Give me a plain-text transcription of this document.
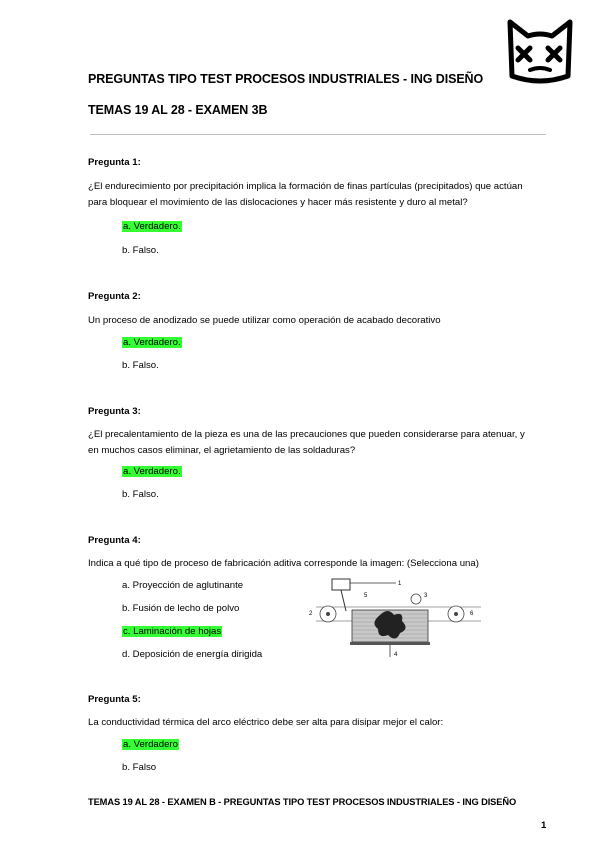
PREGUNTAS TIPO TEST PROCESOS INDUSTRIALES - ING DISEÑO
TEMAS 19 AL 28 - EXAMEN 3B
Pregunta 1:
¿El endurecimiento por precipitación implica la formación de finas partículas (precipitados) que actúan para bloquear el movimiento de las dislocaciones y hacer más resistente y duro al metal?
a. Verdadero.
b. Falso.
Pregunta 2:
Un proceso de anodizado se puede utilizar como operación de acabado decorativo
a. Verdadero.
b. Falso.
Pregunta 3:
¿El precalentamiento de la pieza es una de las precauciones que pueden considerarse para atenuar, y en muchos casos eliminar, el agrietamiento de las soldaduras?
a. Verdadero.
b. Falso.
Pregunta 4:
Indica a qué tipo de proceso de fabricación aditiva corresponde la imagen: (Selecciona una)
a. Proyección de aglutinante
b. Fusión de lecho de polvo
c. Laminación de hojas
d. Deposición de energía dirigida
1
2	6
3
5
4
Pregunta 5:
La conductividad térmica del arco eléctrico debe ser alta para disipar mejor el calor:
a. Verdadero
b. Falso
TEMAS 19 AL 28 - EXAMEN B - PREGUNTAS TIPO TEST PROCESOS INDUSTRIALES - ING DISEÑO
1
